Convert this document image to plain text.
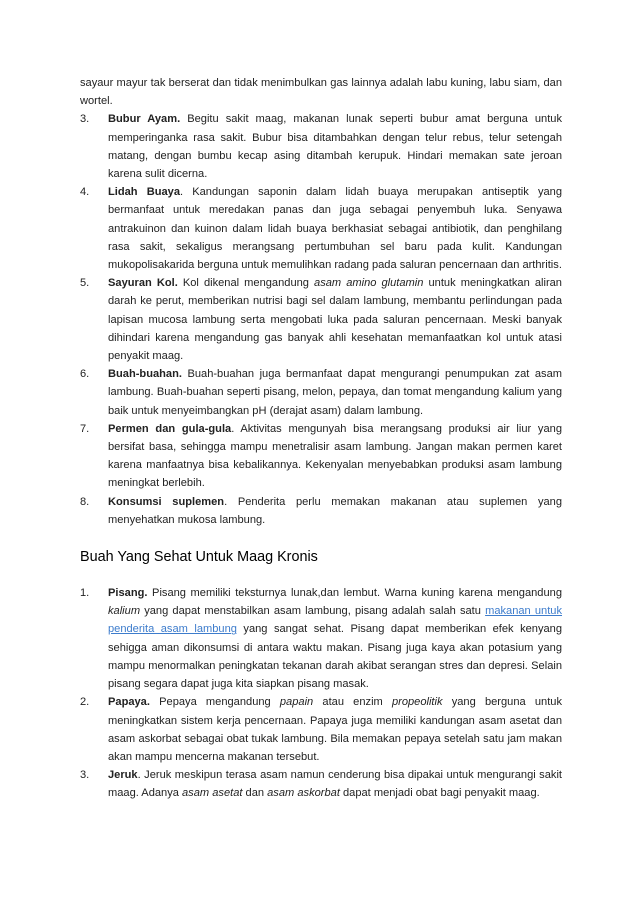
sayaur mayur tak berserat dan tidak menimbulkan gas lainnya adalah labu kuning, labu siam, dan wortel.

3. Bubur Ayam. Begitu sakit maag, makanan lunak seperti bubur amat berguna untuk memperinganka rasa sakit. Bubur bisa ditambahkan dengan telur rebus, telur setengah matang, dengan bumbu kecap asing ditambah kerupuk. Hindari memakan sate jeroan karena sulit dicerna.
4. Lidah Buaya. Kandungan saponin dalam lidah buaya merupakan antiseptik yang bermanfaat untuk meredakan panas dan juga sebagai penyembuh luka. Senyawa antrakuinon dan kuinon dalam lidah buaya berkhasiat sebagai antibiotik, dan penghilang rasa sakit, sekaligus merangsang pertumbuhan sel baru pada kulit. Kandungan mukopolisakarida berguna untuk memulihkan radang pada saluran pencernaan dan arthritis.
5. Sayuran Kol. Kol dikenal mengandung asam amino glutamin untuk meningkatkan aliran darah ke perut, memberikan nutrisi bagi sel dalam lambung, membantu perlindungan pada lapisan mucosa lambung serta mengobati luka pada saluran pencernaan. Meski banyak dihindari karena mengandung gas banyak ahli kesehatan memanfaatkan kol untuk atasi penyakit maag.
6. Buah-buahan. Buah-buahan juga bermanfaat dapat mengurangi penumpukan zat asam lambung. Buah-buahan seperti pisang, melon, pepaya, dan tomat mengandung kalium yang baik untuk menyeimbangkan pH (derajat asam) dalam lambung.
7. Permen dan gula-gula. Aktivitas mengunyah bisa merangsang produksi air liur yang bersifat basa, sehingga mampu menetralisir asam lambung. Jangan makan permen karet karena manfaatnya bisa kebalikannya. Kekenyalan menyebabkan produksi asam lambung meningkat berlebih.
8. Konsumsi suplemen. Penderita perlu memakan makanan atau suplemen yang menyehatkan mukosa lambung.
Buah Yang Sehat Untuk Maag Kronis
1. Pisang. Pisang memiliki teksturnya lunak,dan lembut. Warna kuning karena mengandung kalium yang dapat menstabilkan asam lambung, pisang adalah salah satu makanan untuk penderita asam lambung yang sangat sehat. Pisang dapat memberikan efek kenyang sehigga aman dikonsumsi di antara waktu makan. Pisang juga kaya akan potasium yang mampu menormalkan peningkatan tekanan darah akibat serangan stres dan depresi. Selain pisang segara dapat juga kita siapkan pisang masak.
2. Papaya. Pepaya mengandung papain atau enzim propeolitik yang berguna untuk meningkatkan sistem kerja pencernaan. Papaya juga memiliki kandungan asam asetat dan asam askorbat sebagai obat tukak lambung. Bila memakan pepaya setelah satu jam makan akan mampu mencerna makanan tersebut.
3. Jeruk. Jeruk meskipun terasa asam namun cenderung bisa dipakai untuk mengurangi sakit maag. Adanya asam asetat dan asam askorbat dapat menjadi obat bagi penyakit maag.
